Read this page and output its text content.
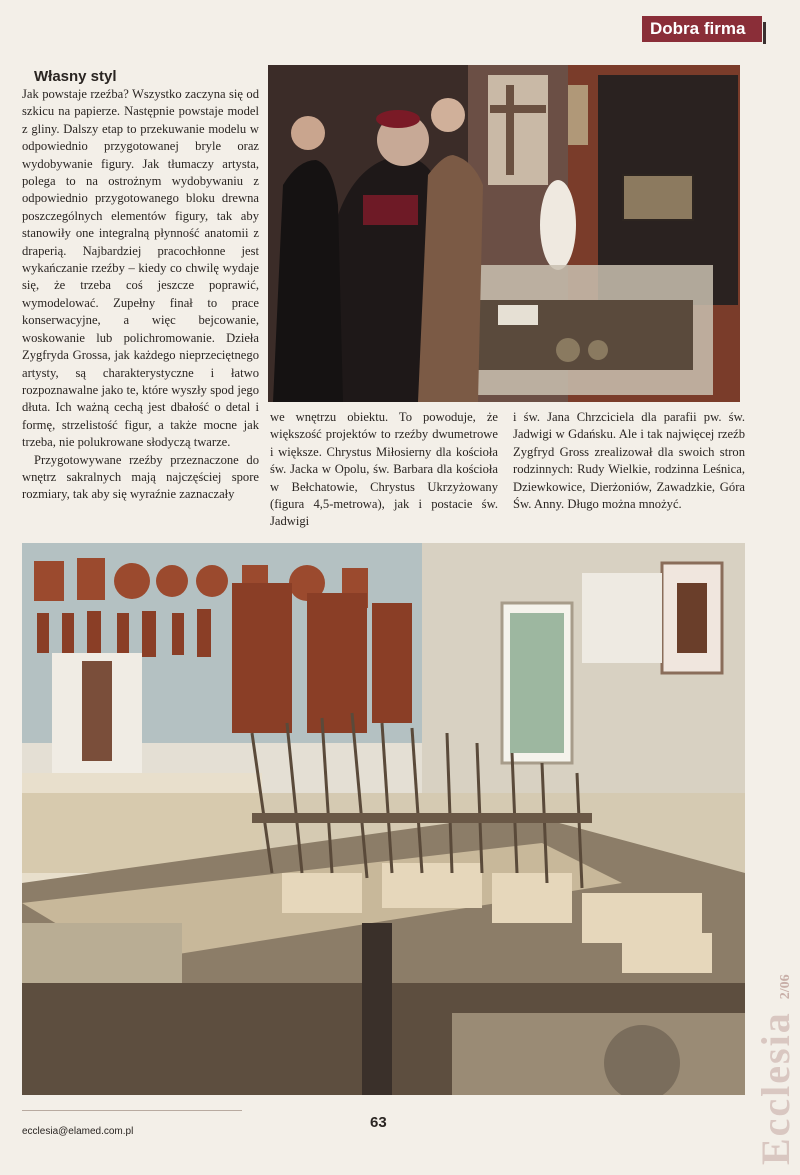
Dobra firma
Własny styl

Jak powstaje rzeźba? Wszystko zaczyna się od szkicu na papierze. Następnie powstaje model z gliny. Dalszy etap to przekuwanie modelu w odpowiednio przygotowanej bryle oraz wydobywanie figury. Jak tłumaczy artysta, polega to na ostrożnym wydobywaniu z odpowiednio przygotowanego bloku drewna poszczególnych elementów figury, tak aby stanowiły one integralną płynność anatomii z draperią. Najbardziej pracochłonne jest wykańczanie rzeźby – kiedy co chwilę wydaje się, że trzeba coś jeszcze poprawić, wymodelować. Zupełny finał to prace konserwacyjne, a więc bejcowanie, woskowanie lub polichromowanie. Dzieła Zygfryda Grossa, jak każdego nieprzeciętnego artysty, są charakterystyczne i łatwo rozpoznawalne jako te, które wyszły spod jego dłuta. Ich ważną cechą jest dbałość o detal i formę, strzelistość figur, a także mocne jak trzeba, nie polukrowane słodyczą twarze.

Przygotowywane rzeźby przeznaczone do wnętrz sakralnych mają najczęściej spore rozmiary, tak aby się wyraźnie zaznaczały

we wnętrzu obiektu. To powoduje, że większość projektów to rzeźby dwumetrowe i większe. Chrystus Miłosierny dla kościoła św. Jacka w Opolu, św. Barbara dla kościoła w Bełchatowie, Chrystus Ukrzyżowany (figura 4,5-metrowa), jak i postacie św. Jadwigi

i św. Jana Chrzciciela dla parafii pw. św. Jadwigi w Gdańsku. Ale i tak najwięcej rzeźb Zygfryd Gross zrealizował dla swoich stron rodzinnych: Rudy Wielkie, rodzinna Leśnica, Dziewkowice, Dierżoniów, Zawadzkie, Góra Św. Anny. Długo można mnożyć.

ecclesia@elamed.com.pl
63	Ecclesia 2/06
